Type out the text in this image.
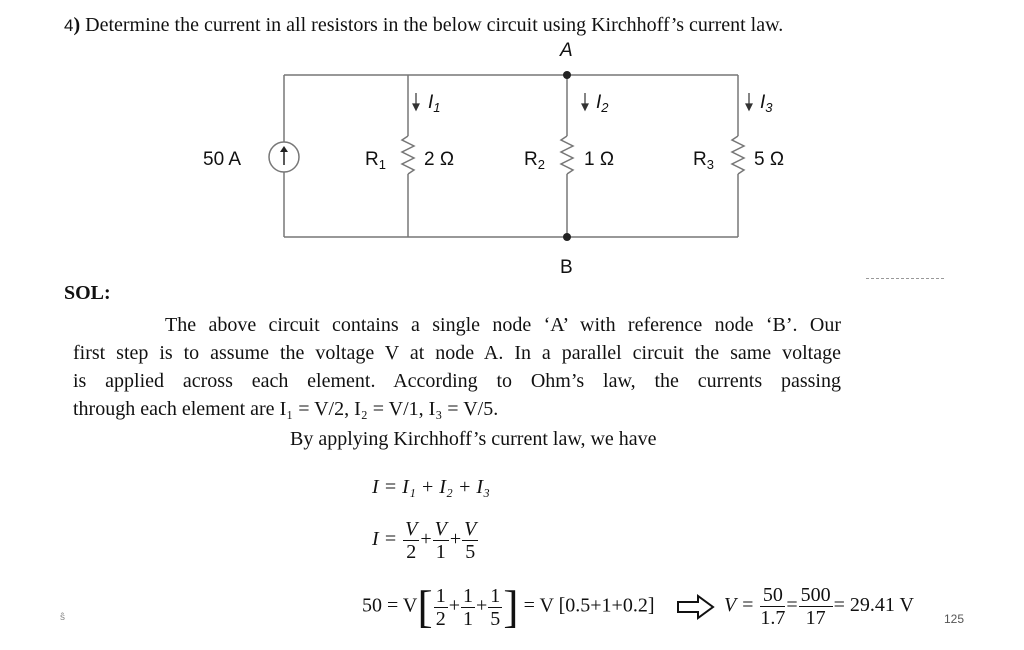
4) Determine the current in all resistors in the below circuit using Kirchhoff’s current law.
A
B
50 A	$R_1$ 2 Ω	$R_2$ 1 Ω	$R_3$ 5 Ω
$I_1$	$I_2$	$I_3$
SOL:
The above circuit contains a single node ‘A’ with reference node ‘B’. Our
first step is to assume the voltage V at node A. In a parallel circuit the same voltage
is applied across each element. According to Ohm’s law, the currents passing
through each element are I₁ = V/2, I₂ = V/1, I₃ = V/5.
By applying Kirchhoff’s current law, we have
I = I₁ + I₂ + I₃
$I = \frac{V}{2} + \frac{V}{1} + \frac{V}{5}$
$50 = V[ \frac{1}{2} + \frac{1}{1} + \frac{1}{5}$ ] = V [0.5+1+0.2]	$V = \frac{50}{1.7} = \frac{500}{17} = 29.41$ V
ŝ	125
